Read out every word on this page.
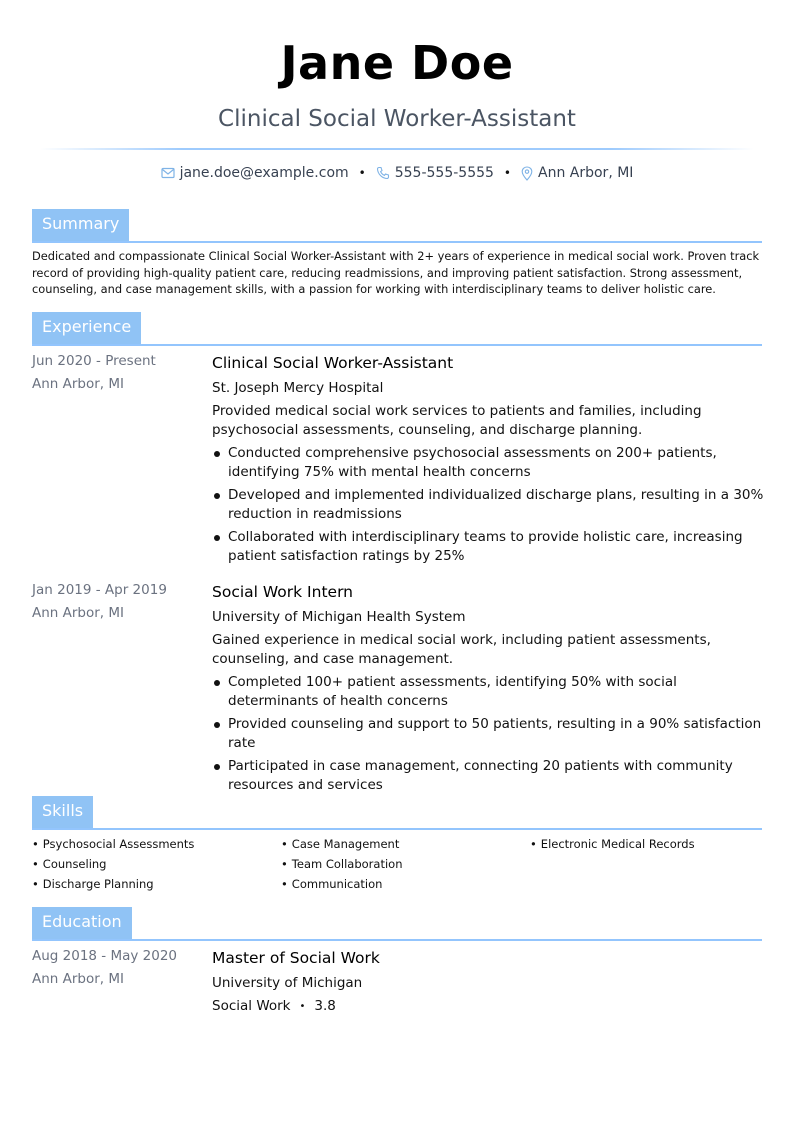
Jane Doe
Clinical Social Worker-Assistant
jane.doe@example.com • 555-555-5555 • Ann Arbor, MI
Summary
Dedicated and compassionate Clinical Social Worker-Assistant with 2+ years of experience in medical social work. Proven track record of providing high-quality patient care, reducing readmissions, and improving patient satisfaction. Strong assessment, counseling, and case management skills, with a passion for working with interdisciplinary teams to deliver holistic care.
Experience
Jun 2020 - Present
Ann Arbor, MI
Clinical Social Worker-Assistant
St. Joseph Mercy Hospital
Provided medical social work services to patients and families, including psychosocial assessments, counseling, and discharge planning.
Conducted comprehensive psychosocial assessments on 200+ patients, identifying 75% with mental health concerns
Developed and implemented individualized discharge plans, resulting in a 30% reduction in readmissions
Collaborated with interdisciplinary teams to provide holistic care, increasing patient satisfaction ratings by 25%
Jan 2019 - Apr 2019
Ann Arbor, MI
Social Work Intern
University of Michigan Health System
Gained experience in medical social work, including patient assessments, counseling, and case management.
Completed 100+ patient assessments, identifying 50% with social determinants of health concerns
Provided counseling and support to 50 patients, resulting in a 90% satisfaction rate
Participated in case management, connecting 20 patients with community resources and services
Skills
• Psychosocial Assessments	• Case Management	• Electronic Medical Records
• Counseling	• Team Collaboration
• Discharge Planning	• Communication
Education
Aug 2018 - May 2020
Ann Arbor, MI
Master of Social Work
University of Michigan
Social Work • 3.8
